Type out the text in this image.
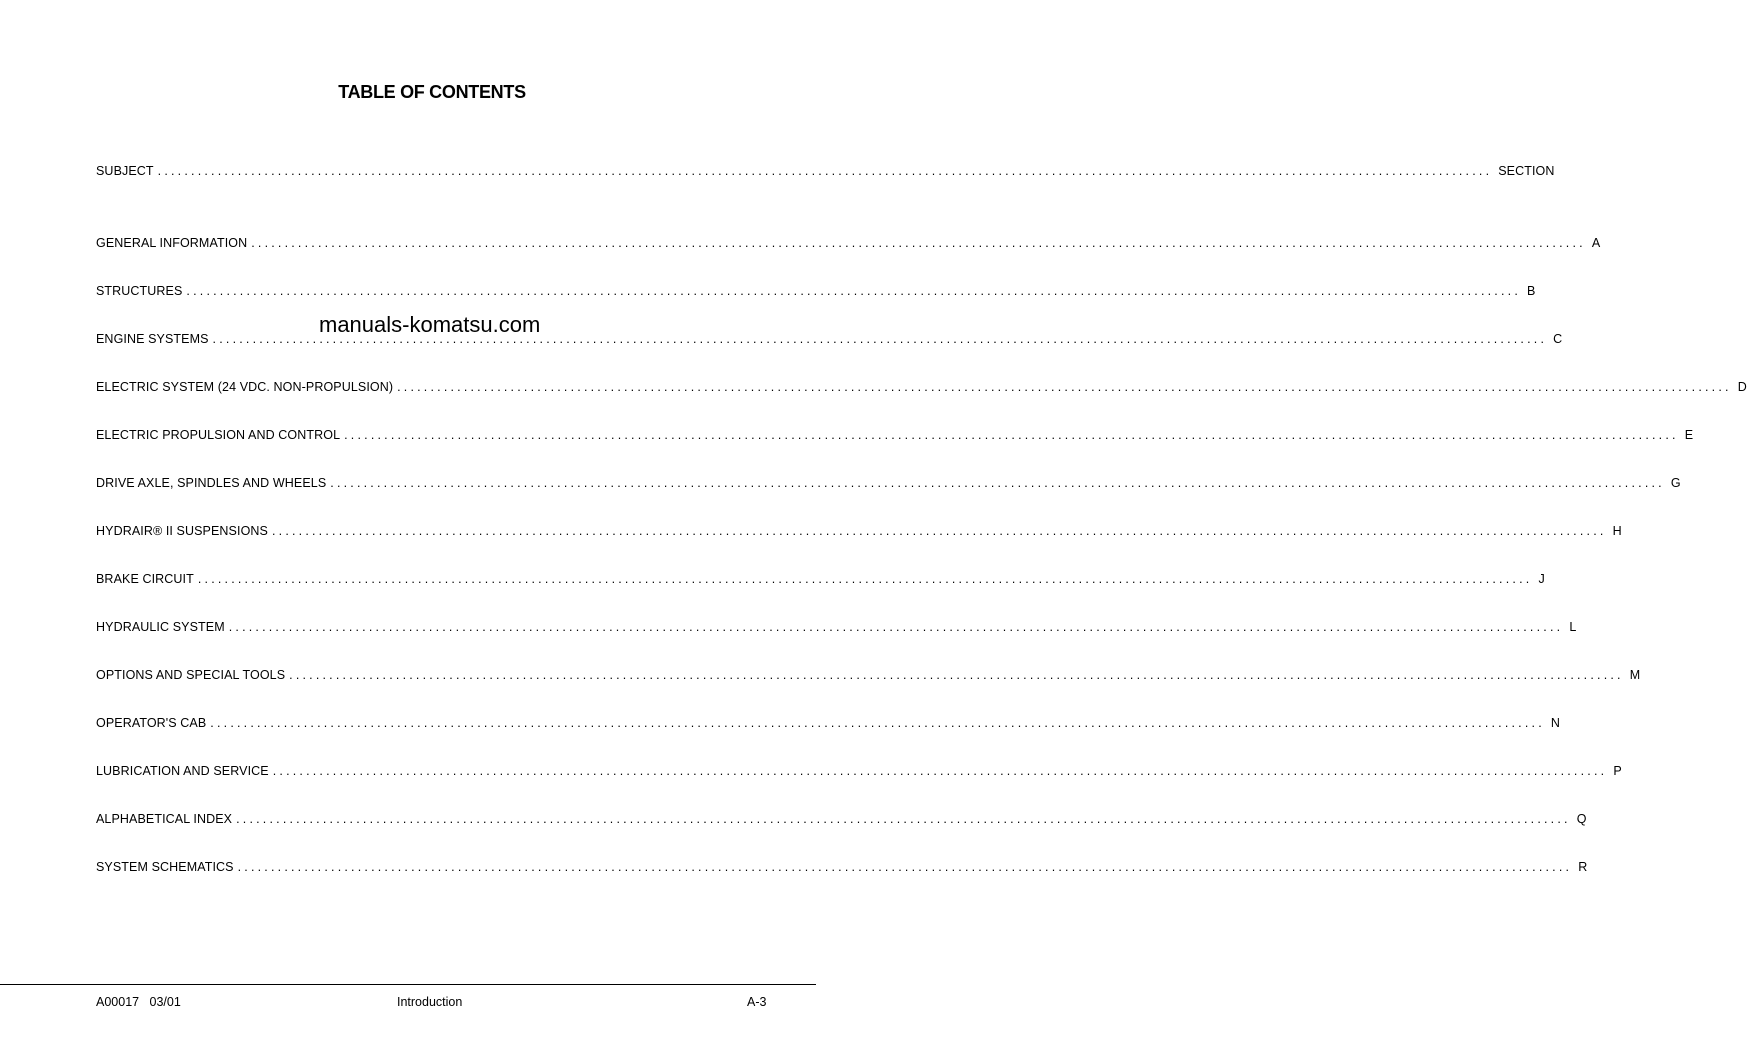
TABLE OF CONTENTS
SUBJECT ........................................................................................................................................................................................................ SECTION
GENERAL INFORMATION ........................................................................................................................................................................................................ A
STRUCTURES ........................................................................................................................................................................................................ B
ENGINE SYSTEMS ........................................................................................................................................................................................................ C
ELECTRIC SYSTEM (24 VDC. NON-PROPULSION) ........................................................................................................................................................................................................ D
ELECTRIC PROPULSION AND CONTROL ........................................................................................................................................................................................................ E
DRIVE AXLE, SPINDLES AND WHEELS ........................................................................................................................................................................................................ G
HYDRAIR® II SUSPENSIONS ........................................................................................................................................................................................................ H
BRAKE CIRCUIT ........................................................................................................................................................................................................ J
HYDRAULIC SYSTEM ........................................................................................................................................................................................................ L
OPTIONS AND SPECIAL TOOLS ........................................................................................................................................................................................................ M
OPERATOR'S CAB ........................................................................................................................................................................................................ N
LUBRICATION AND SERVICE ........................................................................................................................................................................................................ P
ALPHABETICAL INDEX ........................................................................................................................................................................................................ Q
SYSTEM SCHEMATICS ........................................................................................................................................................................................................ R
manuals-komatsu.com
A00017   03/01	Introduction	A-3
